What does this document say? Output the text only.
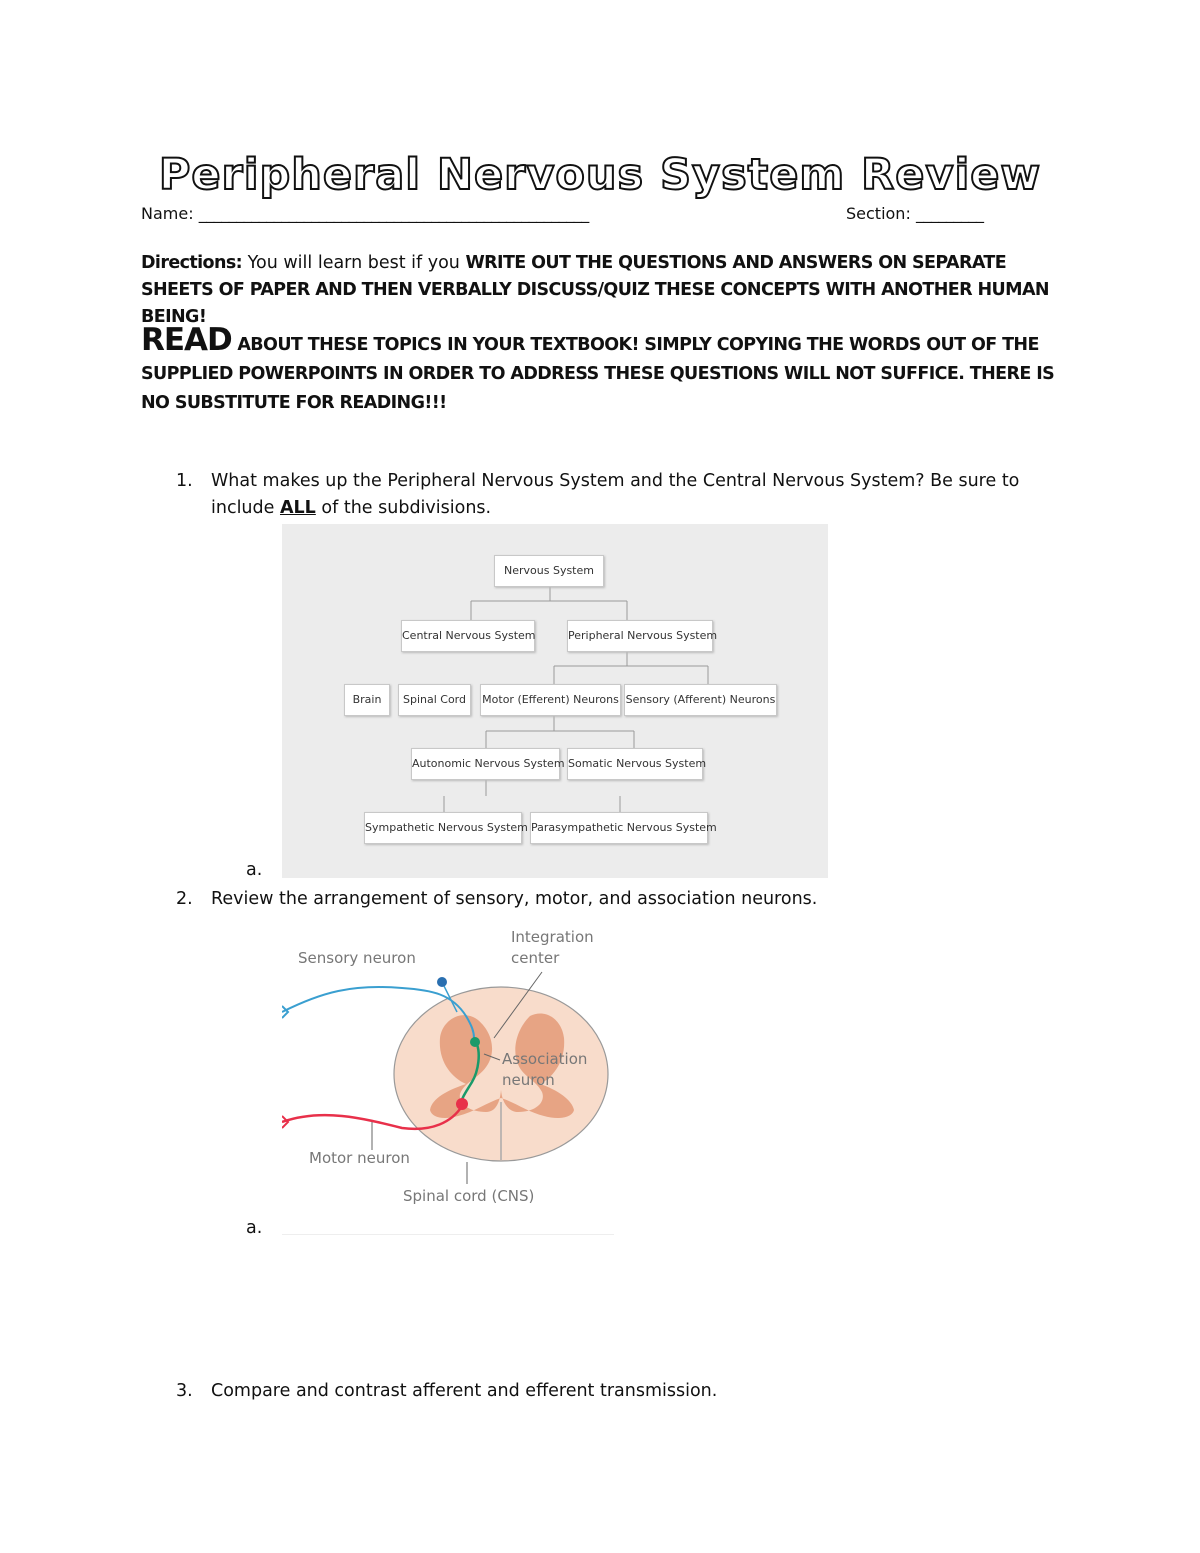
Peripheral Nervous System Review
Name: ____________________________________________________	Section: _________
Directions: You will learn best if you WRITE OUT THE QUESTIONS AND ANSWERS ON SEPARATE SHEETS OF PAPER AND THEN VERBALLY DISCUSS/QUIZ THESE CONCEPTS WITH ANOTHER HUMAN BEING!
READ ABOUT THESE TOPICS IN YOUR TEXTBOOK! SIMPLY COPYING THE WORDS OUT OF THE SUPPLIED POWERPOINTS IN ORDER TO ADDRESS THESE QUESTIONS WILL NOT SUFFICE. THERE IS NO SUBSTITUTE FOR READING!!!
1. What makes up the Peripheral Nervous System and the Central Nervous System? Be sure to include ALL of the subdivisions.
Nervous System
Central Nervous System	Peripheral Nervous System
Brain	Spinal Cord	Motor (Efferent) Neurons Sensory (Afferent) Neurons
Autonomic Nervous System Somatic Nervous System
Sympathetic Nervous System Parasympathetic Nervous System
a.
2. Review the arrangement of sensory, motor, and association neurons.
Sensory neuron
Integration
center
Association
neuron
Motor neuron
Spinal cord (CNS)
a.
3. Compare and contrast afferent and efferent transmission.
